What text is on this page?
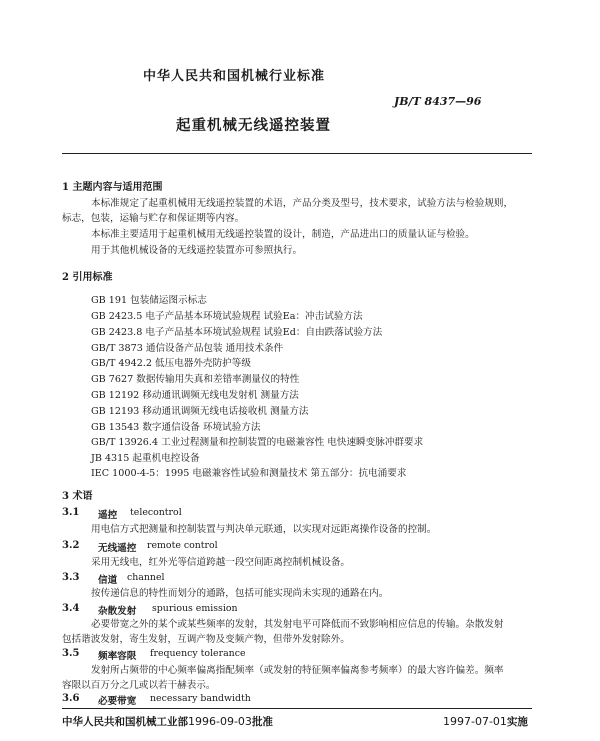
中华人民共和国机械行业标准
JB/T 8437—96
起重机械无线遥控装置
1 主题内容与适用范围
本标准规定了起重机械用无线遥控装置的术语，产品分类及型号，技术要求，试验方法与检验规则，
标志，包装，运输与贮存和保证期等内容。
本标准主要适用于起重机械用无线遥控装置的设计，制造，产品进出口的质量认证与检验。
用于其他机械设备的无线遥控装置亦可参照执行。
2 引用标准
GB 191 包装储运图示标志
GB 2423.5 电子产品基本环境试验规程 试验Ea：冲击试验方法
GB 2423.8 电子产品基本环境试验规程 试验Ed：自由跌落试验方法
GB/T 3873 通信设备产品包装 通用技术条件
GB/T 4942.2 低压电器外壳防护等级
GB 7627 数据传输用失真和差错率测量仪的特性
GB 12192 移动通讯调频无线电发射机 测量方法
GB 12193 移动通讯调频无线电话接收机 测量方法
GB 13543 数字通信设备 环境试验方法
GB/T 13926.4 工业过程测量和控制装置的电磁兼容性 电快速瞬变脉冲群要求
JB 4315 起重机电控设备
IEC 1000-4-5：1995 电磁兼容性试验和测量技术 第五部分：抗电涌要求
3 术语
3.1 遥控 telecontrol
用电信方式把测量和控制装置与判决单元联通，以实现对远距离操作设备的控制。
3.2 无线遥控 remote control
采用无线电，红外光等信道跨越一段空间距离控制机械设备。
3.3 信道 channel
按传递信息的特性而划分的通路，包括可能实现尚未实现的通路在内。
3.4 杂散发射 spurious emission
必要带宽之外的某个或某些频率的发射，其发射电平可降低而不致影响相应信息的传输。杂散发射
包括谐波发射，寄生发射，互调产物及变频产物，但带外发射除外。
3.5 频率容限 frequency tolerance
发射所占频带的中心频率偏离指配频率（或发射的特征频率偏离参考频率）的最大容许偏差。频率
容限以百万分之几或以若干赫表示。
3.6 必要带宽 necessary bandwidth
中华人民共和国机械工业部1996-09-03批准	1997-07-01实施
